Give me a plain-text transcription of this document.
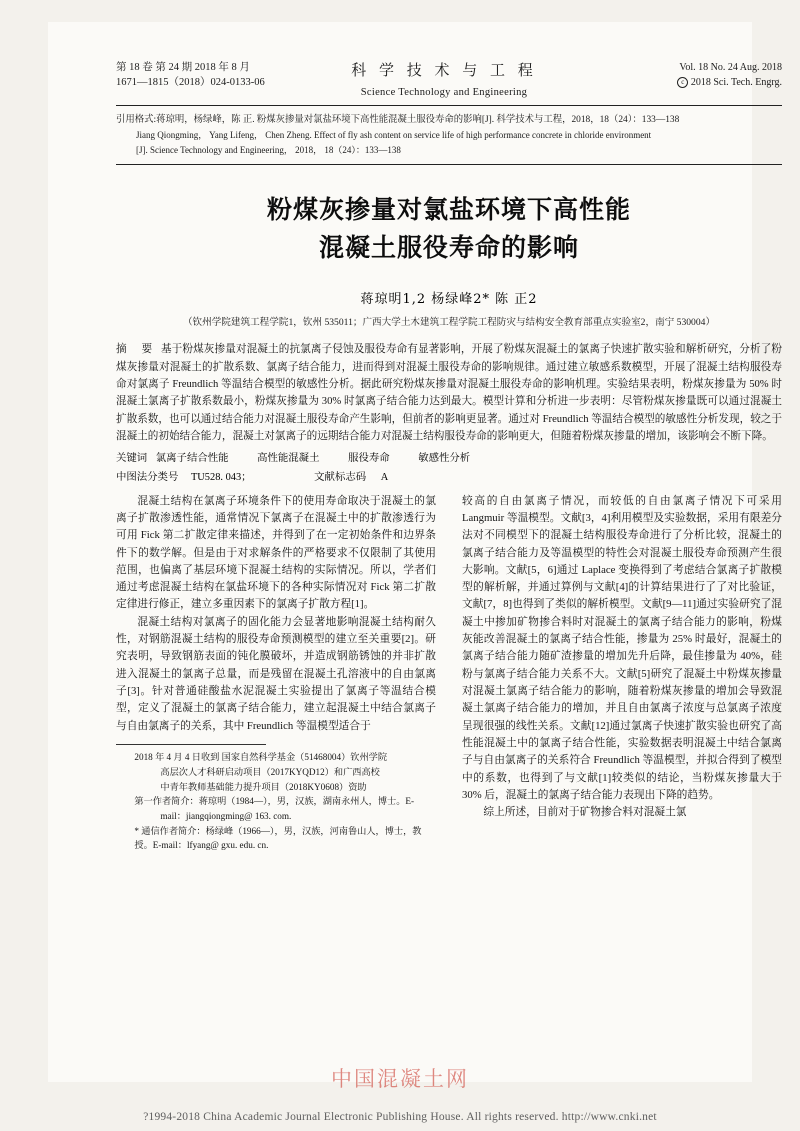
第 18 卷 第 24 期 2018 年 8 月
1671—1815（2018）024-0133-06
科 学 技 术 与 工 程
Science Technology and Engineering
Vol. 18 No. 24 Aug. 2018
c 2018 Sci. Tech. Engrg.
引用格式:蒋琼明，杨绿峰，陈 正. 粉煤灰掺量对氯盐环境下高性能混凝土服役寿命的影响[J]. 科学技术与工程，2018，18（24）：133—138
Jiang Qiongming， Yang Lifeng， Chen Zheng. Effect of fly ash content on service life of high performance concrete in chloride environment
[J]. Science Technology and Engineering， 2018， 18（24）：133—138
粉煤灰掺量对氯盐环境下高性能
混凝土服役寿命的影响
蒋琼明1,2 杨绿峰2* 陈 正2
（钦州学院建筑工程学院1，钦州 535011；广西大学土木建筑工程学院工程防灾与结构安全教育部重点实验室2，南宁 530004）
摘 要 基于粉煤灰掺量对混凝土的抗氯离子侵蚀及服役寿命有显著影响，开展了粉煤灰混凝土的氯离子快速扩散实验和解析研究，分析了粉煤灰掺量对混凝土的扩散系数、氯离子结合能力，进而得到对混凝土服役寿命的影响规律。通过建立敏感系数模型，开展了混凝土结构服役寿命对氯离子 Freundlich 等温结合模型的敏感性分析。据此研究粉煤灰掺量对混凝土服役寿命的影响机理。实验结果表明，粉煤灰掺量为 50% 时混凝土氯离子扩散系数最小，粉煤灰掺量为 30% 时氯离子结合能力达到最大。模型计算和分析进一步表明：尽管粉煤灰掺量既可以通过混凝土扩散系数，也可以通过结合能力对混凝土服役寿命产生影响，但前者的影响更显著。通过对 Freundlich 等温结合模型的敏感性分析发现，较之于混凝土的初始结合能力，混凝土对氯离子的远期结合能力对混凝土结构服役寿命的影响更大，但随着粉煤灰掺量的增加，该影响会不断下降。
关键词 氯离子结合性能	高性能混凝土	服役寿命	敏感性分析
中图法分类号 TU528. 043；	文献标志码 A

混凝土结构在氯离子环境条件下的使用寿命取决于混凝土的氯离子扩散渗透性能，通常情况下氯离子在混凝土中的扩散渗透行为可用 Fick 第二扩散定律来描述，并得到了在一定初始条件和边界条件下的数学解。但是由于对求解条件的严格要求不仅限制了其使用范围，也偏离了基层环境下混凝土结构的实际情况。所以，学者们通过考虑混凝土结构在氯盐环境下的各种实际情况对 Fick 第二扩散定律进行修正，建立多重因素下的氯离子扩散方程[1]。

混凝土结构对氯离子的固化能力会显著地影响混凝土结构耐久性，对钢筋混凝土结构的服役寿命预测模型的建立至关重要[2]。研究表明，导致钢筋表面的钝化膜破坏，并造成钢筋锈蚀的并非扩散进入混凝土的氯离子总量，而是残留在混凝土孔溶液中的自由氯离子[3]。针对普通硅酸盐水泥混凝土实验提出了氯离子等温结合模型，定义了混凝土的氯离子结合能力，建立起混凝土中结合氯离子与自由氯离子的关系，其中 Freundlich 等温模型适合于

2018 年 4 月 4 日收到 国家自然科学基金（51468004）钦州学院

高层次人才科研启动项目（2017KYQD12）和广西高校

中青年教师基础能力提升项目（2018KY0608）资助

第一作者简介：蒋琼明（1984—），男，汉族，湖南永州人，博士。E-

mail：jiangqiongming@ 163. com.

* 通信作者简介：杨绿峰（1966—），男，汉族，河南鲁山人，博士，教

授。E-mail：lfyang@ gxu. edu. cn.

较高的自由氯离子情况，而较低的自由氯离子情况下可采用 Langmuir 等温模型。文献[3，4]利用模型及实验数据，采用有限差分法对不同模型下的混凝土结构服役寿命进行了分析比较，混凝土的氯离子结合能力及等温模型的特性会对混凝土服役寿命预测产生很大影响。文献[5，6]通过 Laplace 变换得到了考虑结合氯离子扩散模型的解析解，并通过算例与文献[4]的计算结果进行了了对比验证，文献[7，8]也得到了类似的解析模型。文献[9—11]通过实验研究了混凝土中掺加矿物掺合料时对混凝土的氯离子结合能力的影响，粉煤灰能改善混凝土的氯离子结合性能，掺量为 25% 时最好，混凝土的氯离子结合能力随矿渣掺量的增加先升后降，最佳掺量为 40%，硅粉与氯离子结合能力关系不大。文献[5]研究了混凝土中粉煤灰掺量对混凝土氯离子结合能力的影响，随着粉煤灰掺量的增加会导致混凝土氯离子结合能力的增加，并且自由氯离子浓度与总氯离子浓度呈现很强的线性关系。文献[12]通过氯离子快速扩散实验也研究了高性能混凝土中的氯离子结合性能，实验数据表明混凝土中结合氯离子与自由氯离子的关系符合 Freundlich 等温模型，并拟合得到了模型中的系数，也得到了与文献[1]较类似的结论，当粉煤灰掺量大于 30% 后，混凝土的氯离子结合能力表现出下降的趋势。

综上所述，目前对于矿物掺合料对混凝土氯

中国混凝土网
?1994-2018 China Academic Journal Electronic Publishing House. All rights reserved. http://www.cnki.net
